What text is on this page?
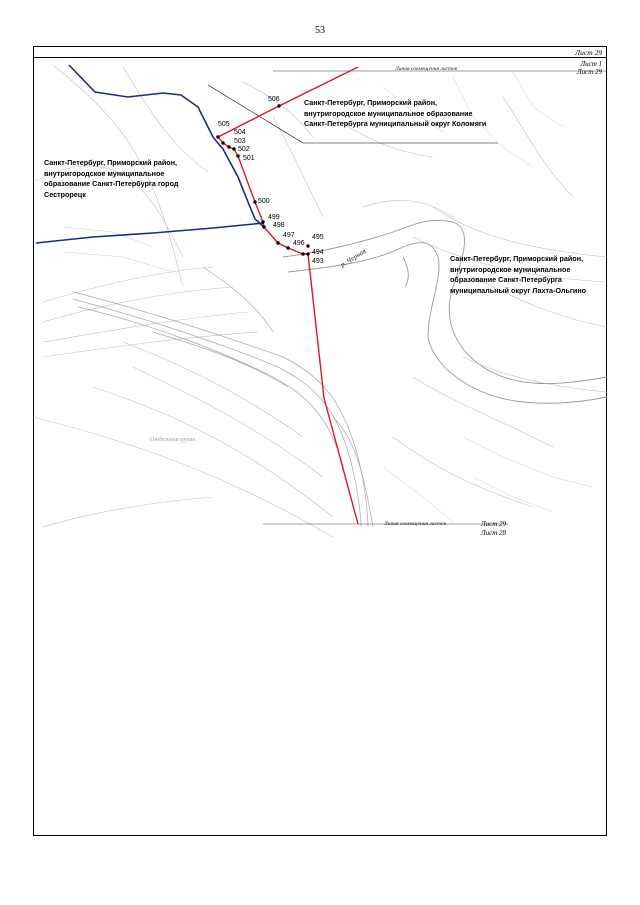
53
Лист 29
Лист 1
Лист 29
Линия совмещения листов
Линия совмещения листов	Лист 29
Лист 28
р. Черная
Отдельная грунт
Санкт-Петербург, Приморский район,
внутригородское муниципальное образование
Санкт-Петербурга муниципальный округ Коломяги
Санкт-Петербург, Приморский район,
внутригородское муниципальное
образование Санкт-Петербурга город
Сестрорецк
Санкт-Петербург, Приморский район,
внутригородское муниципальное
образование Санкт-Петербурга
муниципальный округ Лахта-Ольгино
506
505
504
503
502
501
500
499
498
497
496
495
494
493
